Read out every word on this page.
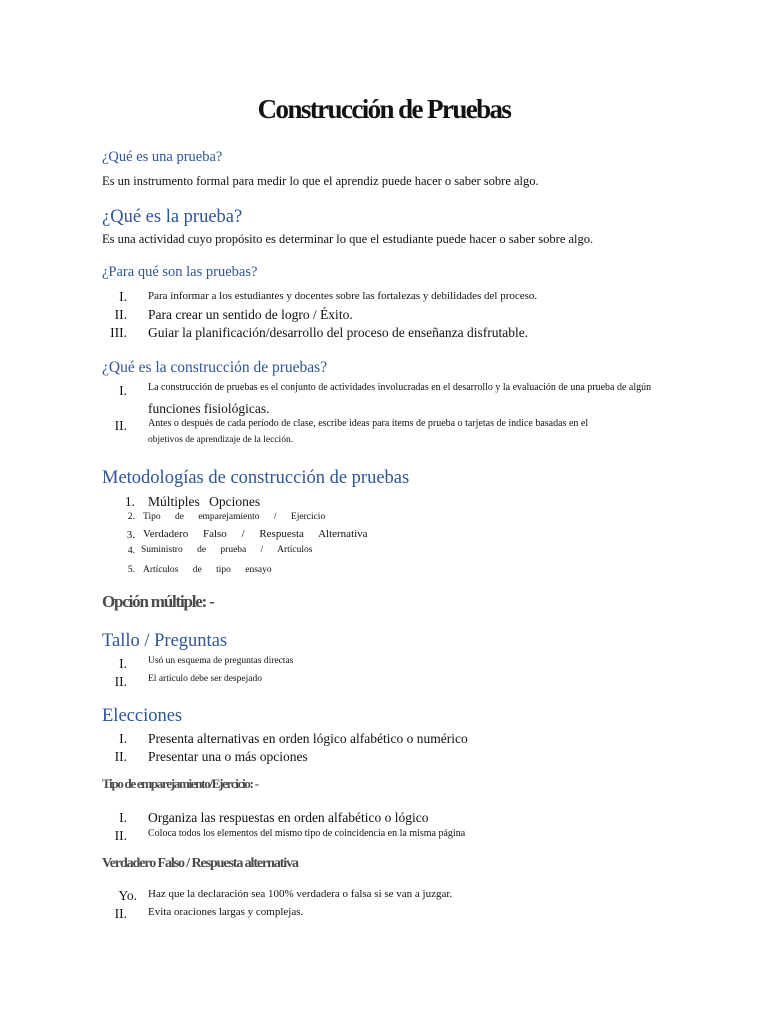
Construcción de Pruebas
¿Qué es una prueba?
Es un instrumento formal para medir lo que el aprendiz puede hacer o saber sobre algo.
¿Qué es la prueba?
Es una actividad cuyo propósito es determinar lo que el estudiante puede hacer o saber sobre algo.
¿Para qué son las pruebas?
I. Para informar a los estudiantes y docentes sobre las fortalezas y debilidades del proceso.
II. Para crear un sentido de logro / Éxito.
III. Guiar la planificación/desarrollo del proceso de enseñanza disfrutable.
¿Qué es la construcción de pruebas?
I. La construcción de pruebas es el conjunto de actividades involucradas en el desarrollo y la evaluación de una prueba de algún
funciones fisiológicas.
II. Antes o después de cada período de clase, escribe ideas para ítems de prueba o tarjetas de índice basadas en el
objetivos de aprendizaje de la lección.
Metodologías de construcción de pruebas
1. Múltiples Opciones
2. Tipo de emparejamiento / Ejercicio
3. Verdadero Falso / Respuesta Alternativa
4. Suministro de prueba / Artículos
5. Artículos de tipo ensayo
Opción múltiple: -
Tallo / Preguntas
I. Usó un esquema de preguntas directas
II. El artículo debe ser despejado
Elecciones
I. Presenta alternativas en orden lógico alfabético o numérico
II. Presentar una o más opciones
Tipo de emparejamiento/Ejercicio: -
I. Organiza las respuestas en orden alfabético o lógico
II. Coloca todos los elementos del mismo tipo de coincidencia en la misma página
Verdadero Falso / Respuesta alternativa
Yo. Haz que la declaración sea 100% verdadera o falsa si se van a juzgar.
II. Evita oraciones largas y complejas.
